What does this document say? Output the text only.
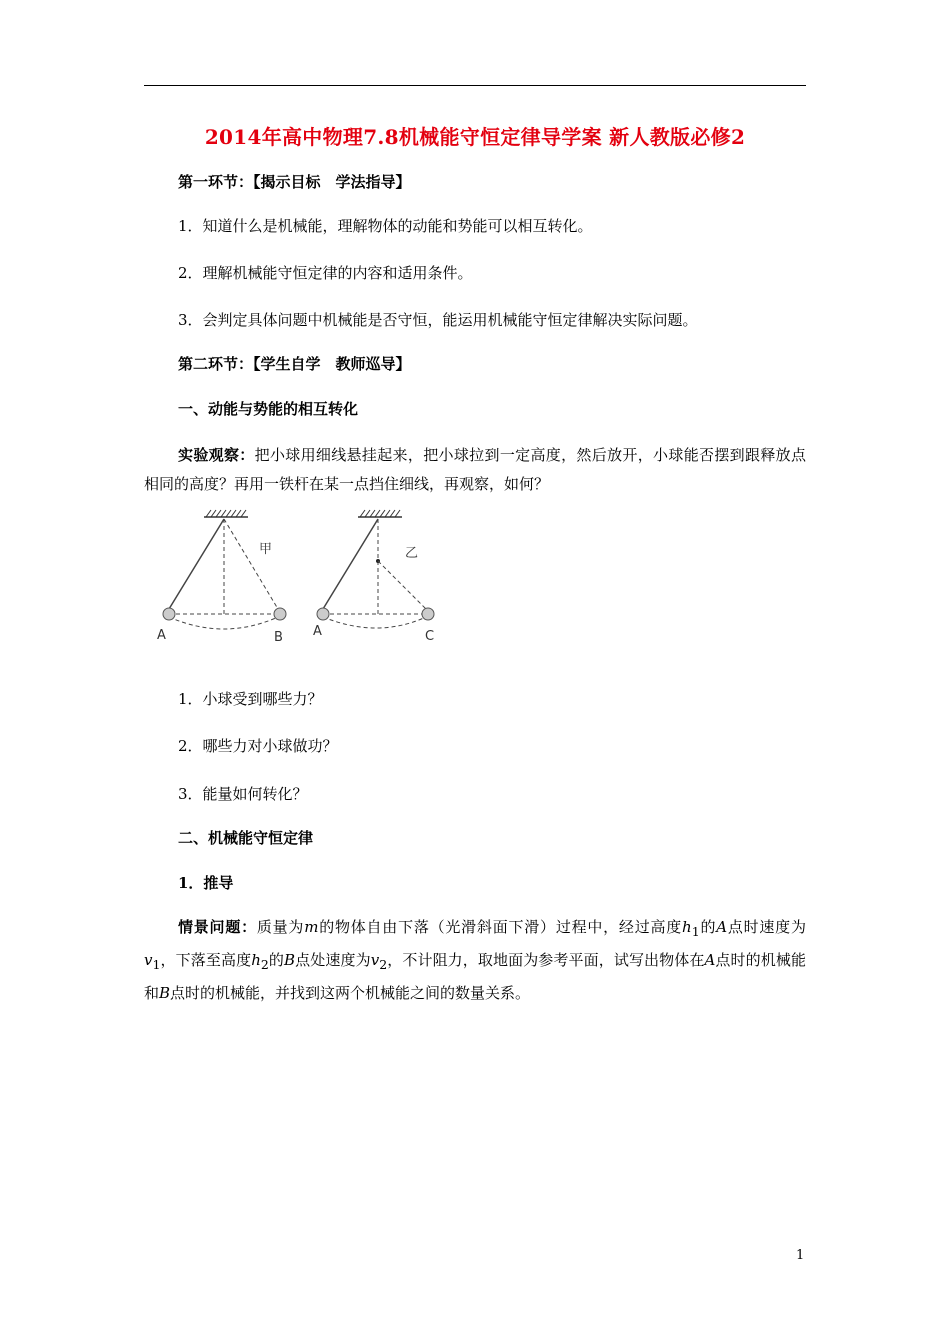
2014年高中物理7.8机械能守恒定律导学案 新人教版必修2
第一环节：【揭示目标　学法指导】
1．知道什么是机械能，理解物体的动能和势能可以相互转化。
2．理解机械能守恒定律的内容和适用条件。
3．会判定具体问题中机械能是否守恒，能运用机械能守恒定律解决实际问题。
第二环节：【学生自学　教师巡导】
一、动能与势能的相互转化
实验观察：把小球用细线悬挂起来，把小球拉到一定高度，然后放开，小球能否摆到跟释放点相同的高度？再用一铁杆在某一点挡住细线，再观察，如何？
甲
A	B
乙
A	C
1．小球受到哪些力？
2．哪些力对小球做功？
3．能量如何转化？
二、机械能守恒定律
1．推导
情景问题：质量为m的物体自由下落（光滑斜面下滑）过程中，经过高度$h_1$的A点时速度为$v_1$，下落至高度$h_2$的B点处速度为$v_2$，不计阻力，取地面为参考平面，试写出物体在A点时的机械能和B点时的机械能，并找到这两个机械能之间的数量关系。
1
